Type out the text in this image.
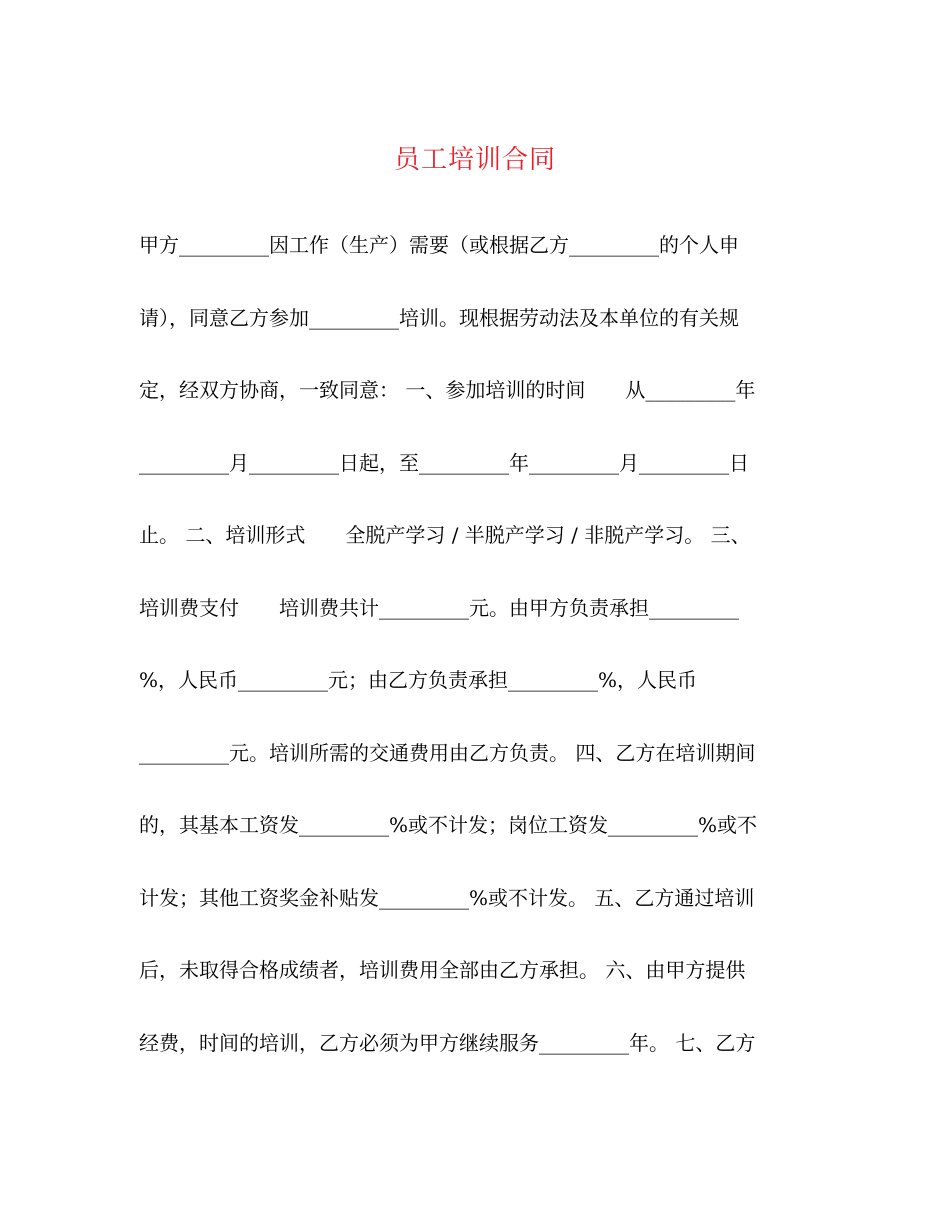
员工培训合同
甲方_________因工作（生产）需要（或根据乙方_________的个人申
请），同意乙方参加_________培训。现根据劳动法及本单位的有关规
定，经双方协商，一致同意： 一、参加培训的时间　　从_________年
_________月_________日起，至_________年_________月_________日
止。 二、培训形式　　全脱产学习 / 半脱产学习 / 非脱产学习。 三、
培训费支付　　培训费共计_________元。由甲方负责承担_________
%，人民币_________元；由乙方负责承担_________%，人民币
_________元。培训所需的交通费用由乙方负责。 四、乙方在培训期间
的，其基本工资发_________%或不计发；岗位工资发_________%或不
计发；其他工资奖金补贴发_________%或不计发。 五、乙方通过培训
后，未取得合格成绩者，培训费用全部由乙方承担。 六、由甲方提供
经费，时间的培训，乙方必须为甲方继续服务_________年。 七、乙方
